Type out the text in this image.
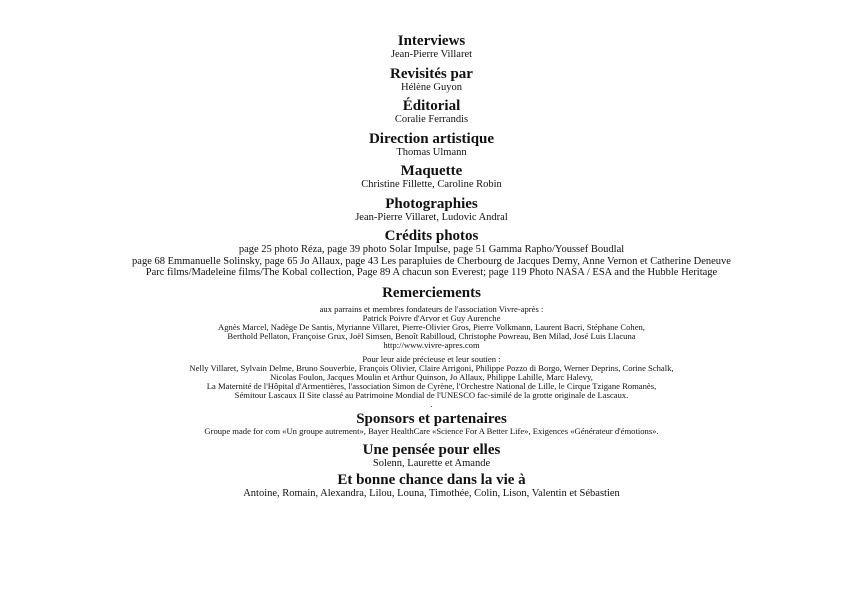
Interviews
Jean-Pierre Villaret
Revisités par
Hélène Guyon
Éditorial
Coralie Ferrandis
Direction artistique
Thomas Ulmann
Maquette
Christine Fillette, Caroline Robin
Photographies
Jean-Pierre Villaret, Ludovic Andral
Crédits photos
page 25 photo Réza, page 39 photo Solar Impulse, page 51 Gamma Rapho/Youssef Boudlal
page 68 Emmanuelle Solinsky, page 65 Jo Allaux, page 43 Les parapluies de Cherbourg de Jacques Demy, Anne Vernon et Catherine Deneuve
Parc films/Madeleine films/The Kobal collection, Page 89 A chacun son Everest; page 119 Photo NASA / ESA and the Hubble Heritage
Remerciements
aux parrains et membres fondateurs de l'association Vivre-après :
Patrick Poivre d'Arvor et Guy Aurenche
Agnès Marcel, Nadège De Santis, Myrianne Villaret, Pierre-Olivier Gros, Pierre Volkmann, Laurent Bacri, Stéphane Cohen,
Berthold Pellaton, Françoise Grux, Joël Simsen, Benoît Rabilloud, Christophe Powreau, Ben Milad, José Luis Llacuna
http://www.vivre-apres.com
Pour leur aide précieuse et leur soutien :
Nelly Villaret, Sylvain Delme, Bruno Souverbie, François Olivier, Claire Arrigoni, Philippe Pozzo di Borgo, Werner Deprins, Corine Schalk,
Nicolas Foulon, Jacques Moulin et Arthur Quinson, Jo Allaux, Philippe Lahille, Marc Halevy,
La Maternité de l'Hôpital d'Armentières, l'association Simon de Cyrène, l'Orchestre National de Lille, le Cirque Tzigane Romanès,
Sémitour Lascaux II Site classé au Patrimoine Mondial de l'UNESCO fac-similé de la grotte originale de Lascaux.
.
Sponsors et partenaires
Groupe made for com «Un groupe autrement», Bayer HealthCare «Science For A Better Life», Exigences «Générateur d'émotions».
Une pensée pour elles
Solenn, Laurette et Amande
Et bonne chance dans la vie à
Antoine, Romain, Alexandra, Lilou, Louna, Timothée, Colin, Lison, Valentin et Sébastien
